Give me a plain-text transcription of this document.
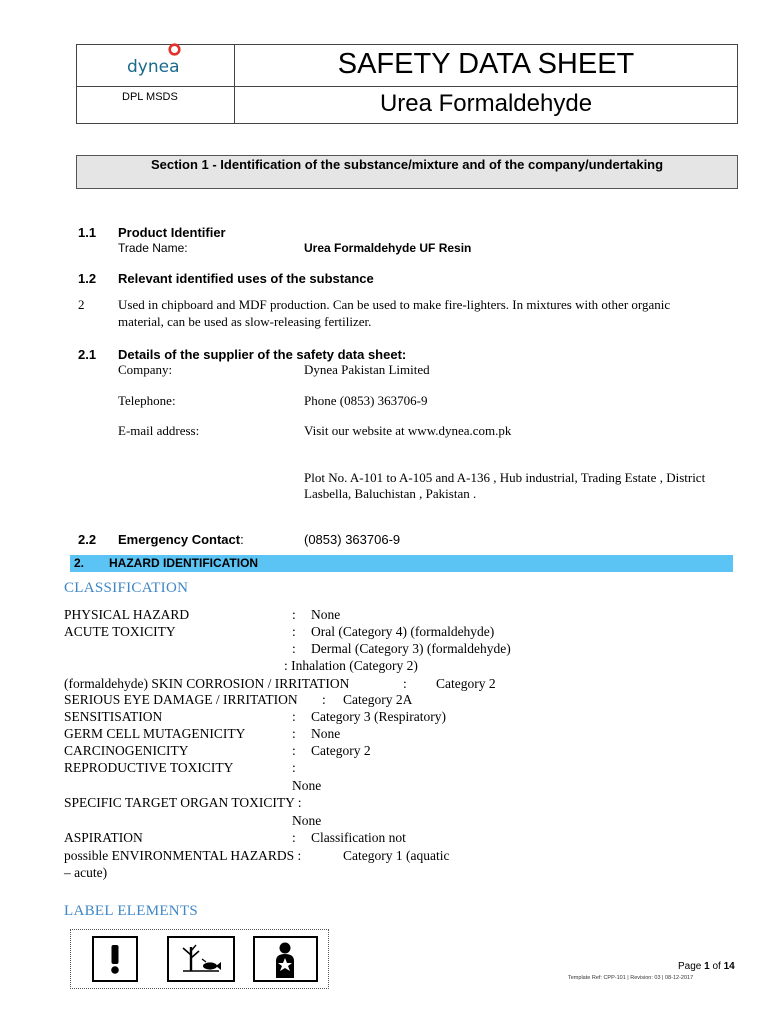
dynea
DPL MSDS
SAFETY DATA SHEET
Urea Formaldehyde
Section 1 - Identification of the substance/mixture and of the company/undertaking
1.1 Product Identifier
Trade Name:	Urea Formaldehyde UF Resin
1.2 Relevant identified uses of the substance
2	Used in chipboard and MDF production. Can be used to make fire-lighters. In mixtures with other organic
material, can be used as slow-releasing fertilizer.
2.1 Details of the supplier of the safety data sheet:
Company:	Dynea Pakistan Limited
Telephone:	Phone (0853) 363706-9
E-mail address:	Visit our website at www.dynea.com.pk
Plot No. A-101 to A-105 and A-136 , Hub industrial, Trading Estate , District
Lasbella, Baluchistan , Pakistan .
2.2 Emergency Contact:	(0853) 363706-9
2. HAZARD IDENTIFICATION
CLASSIFICATION
PHYSICAL HAZARD	: None
ACUTE TOXICITY	: Oral (Category 4) (formaldehyde)
: Dermal (Category 3) (formaldehyde)
: Inhalation (Category 2)
(formaldehyde) SKIN CORROSION / IRRITATION	: Category 2
SERIOUS EYE DAMAGE / IRRITATION : Category 2A
SENSITISATION	: Category 3 (Respiratory)
GERM CELL MUTAGENICITY	: None
CARCINOGENICITY	: Category 2
REPRODUCTIVE TOXICITY	:
None
SPECIFIC TARGET ORGAN TOXICITY :
None
ASPIRATION	: Classification not
possible ENVIRONMENTAL HAZARDS :	Category 1 (aquatic
– acute)
LABEL ELEMENTS
Page 1 of 14
Template Ref: CPP-101 | Revision: 03 | 08-12-2017
